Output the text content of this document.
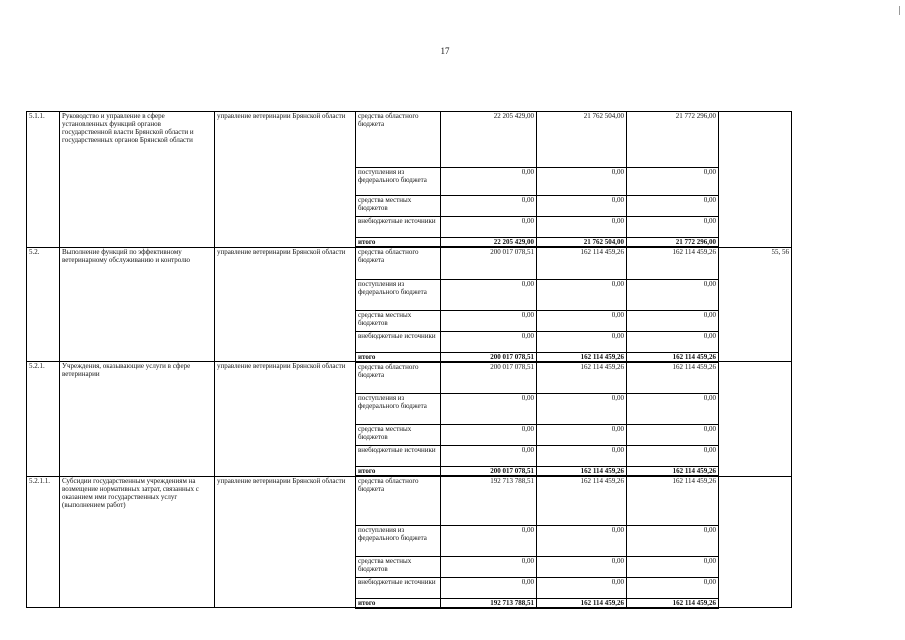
17
5.1.1.	Руководство и управление в сфере установленных функций органов государственной власти Брянской области и государственных органов Брянской области	управление ветеринарии Брянской области	средства областного бюджета	22 205 429,00	21 762 504,00	21 772 296,00	
			поступления из федерального бюджета	0,00	0,00	0,00	
			средства местных бюджетов	0,00	0,00	0,00	
			внебюджетные источники	0,00	0,00	0,00	
			итого	22 205 429,00	21 762 504,00	21 772 296,00	
5.2.	Выполнение функций по эффективному ветеринарному обслуживанию и контролю	управление ветеринарии Брянской области	средства областного бюджета	200 017 078,51	162 114 459,26	162 114 459,26	55, 56
			поступления из федерального бюджета	0,00	0,00	0,00	
			средства местных бюджетов	0,00	0,00	0,00	
			внебюджетные источники	0,00	0,00	0,00	
			итого	200 017 078,51	162 114 459,26	162 114 459,26	
5.2.1.	Учреждения, оказывающие услуги в сфере ветеринарии	управление ветеринарии Брянской области	средства областного бюджета	200 017 078,51	162 114 459,26	162 114 459,26	
			поступления из федерального бюджета	0,00	0,00	0,00	
			средства местных бюджетов	0,00	0,00	0,00	
			внебюджетные источники	0,00	0,00	0,00	
			итого	200 017 078,51	162 114 459,26	162 114 459,26	
5.2.1.1.	Субсидии государственным учреждениям на возмещение нормативных затрат, связанных с оказанием ими государственных услуг (выполнением работ)	управление ветеринарии Брянской области	средства областного бюджета	192 713 788,51	162 114 459,26	162 114 459,26	
			поступления из федерального бюджета	0,00	0,00	0,00	
			средства местных бюджетов	0,00	0,00	0,00	
			внебюджетные источники	0,00	0,00	0,00	
			итого	192 713 788,51	162 114 459,26	162 114 459,26	
